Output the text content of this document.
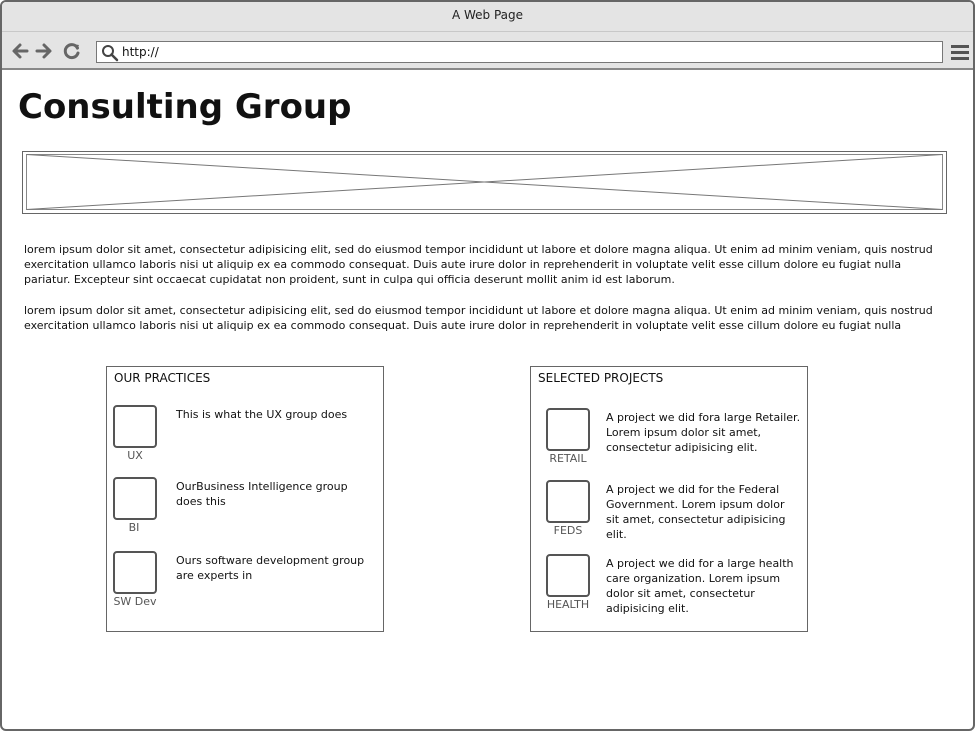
A Web Page
http://
Consulting Group

lorem ipsum dolor sit amet, consectetur adipisicing elit, sed do eiusmod tempor incididunt ut labore et dolore magna aliqua. Ut enim ad minim veniam, quis nostrud exercitation ullamco laboris nisi ut aliquip ex ea commodo consequat. Duis aute irure dolor in reprehenderit in voluptate velit esse cillum dolore eu fugiat nulla pariatur. Excepteur sint occaecat cupidatat non proident, sunt in culpa qui officia deserunt mollit anim id est laborum.

lorem ipsum dolor sit amet, consectetur adipisicing elit, sed do eiusmod tempor incididunt ut labore et dolore magna aliqua. Ut enim ad minim veniam, quis nostrud exercitation ullamco laboris nisi ut aliquip ex ea commodo consequat. Duis aute irure dolor in reprehenderit in voluptate velit esse cillum dolore eu fugiat nulla

OUR PRACTICES
UX
This is what the UX group does
BI
OurBusiness Intelligence group does this
SW Dev
Ours software development group are experts in
SELECTED PROJECTS
RETAIL
A project we did fora large Retailer. Lorem ipsum dolor sit amet, consectetur adipisicing elit.
FEDS
A project we did for the Federal Government. Lorem ipsum dolor sit amet, consectetur adipisicing elit.
HEALTH
A project we did for a large health care organization. Lorem ipsum dolor sit amet, consectetur adipisicing elit.
